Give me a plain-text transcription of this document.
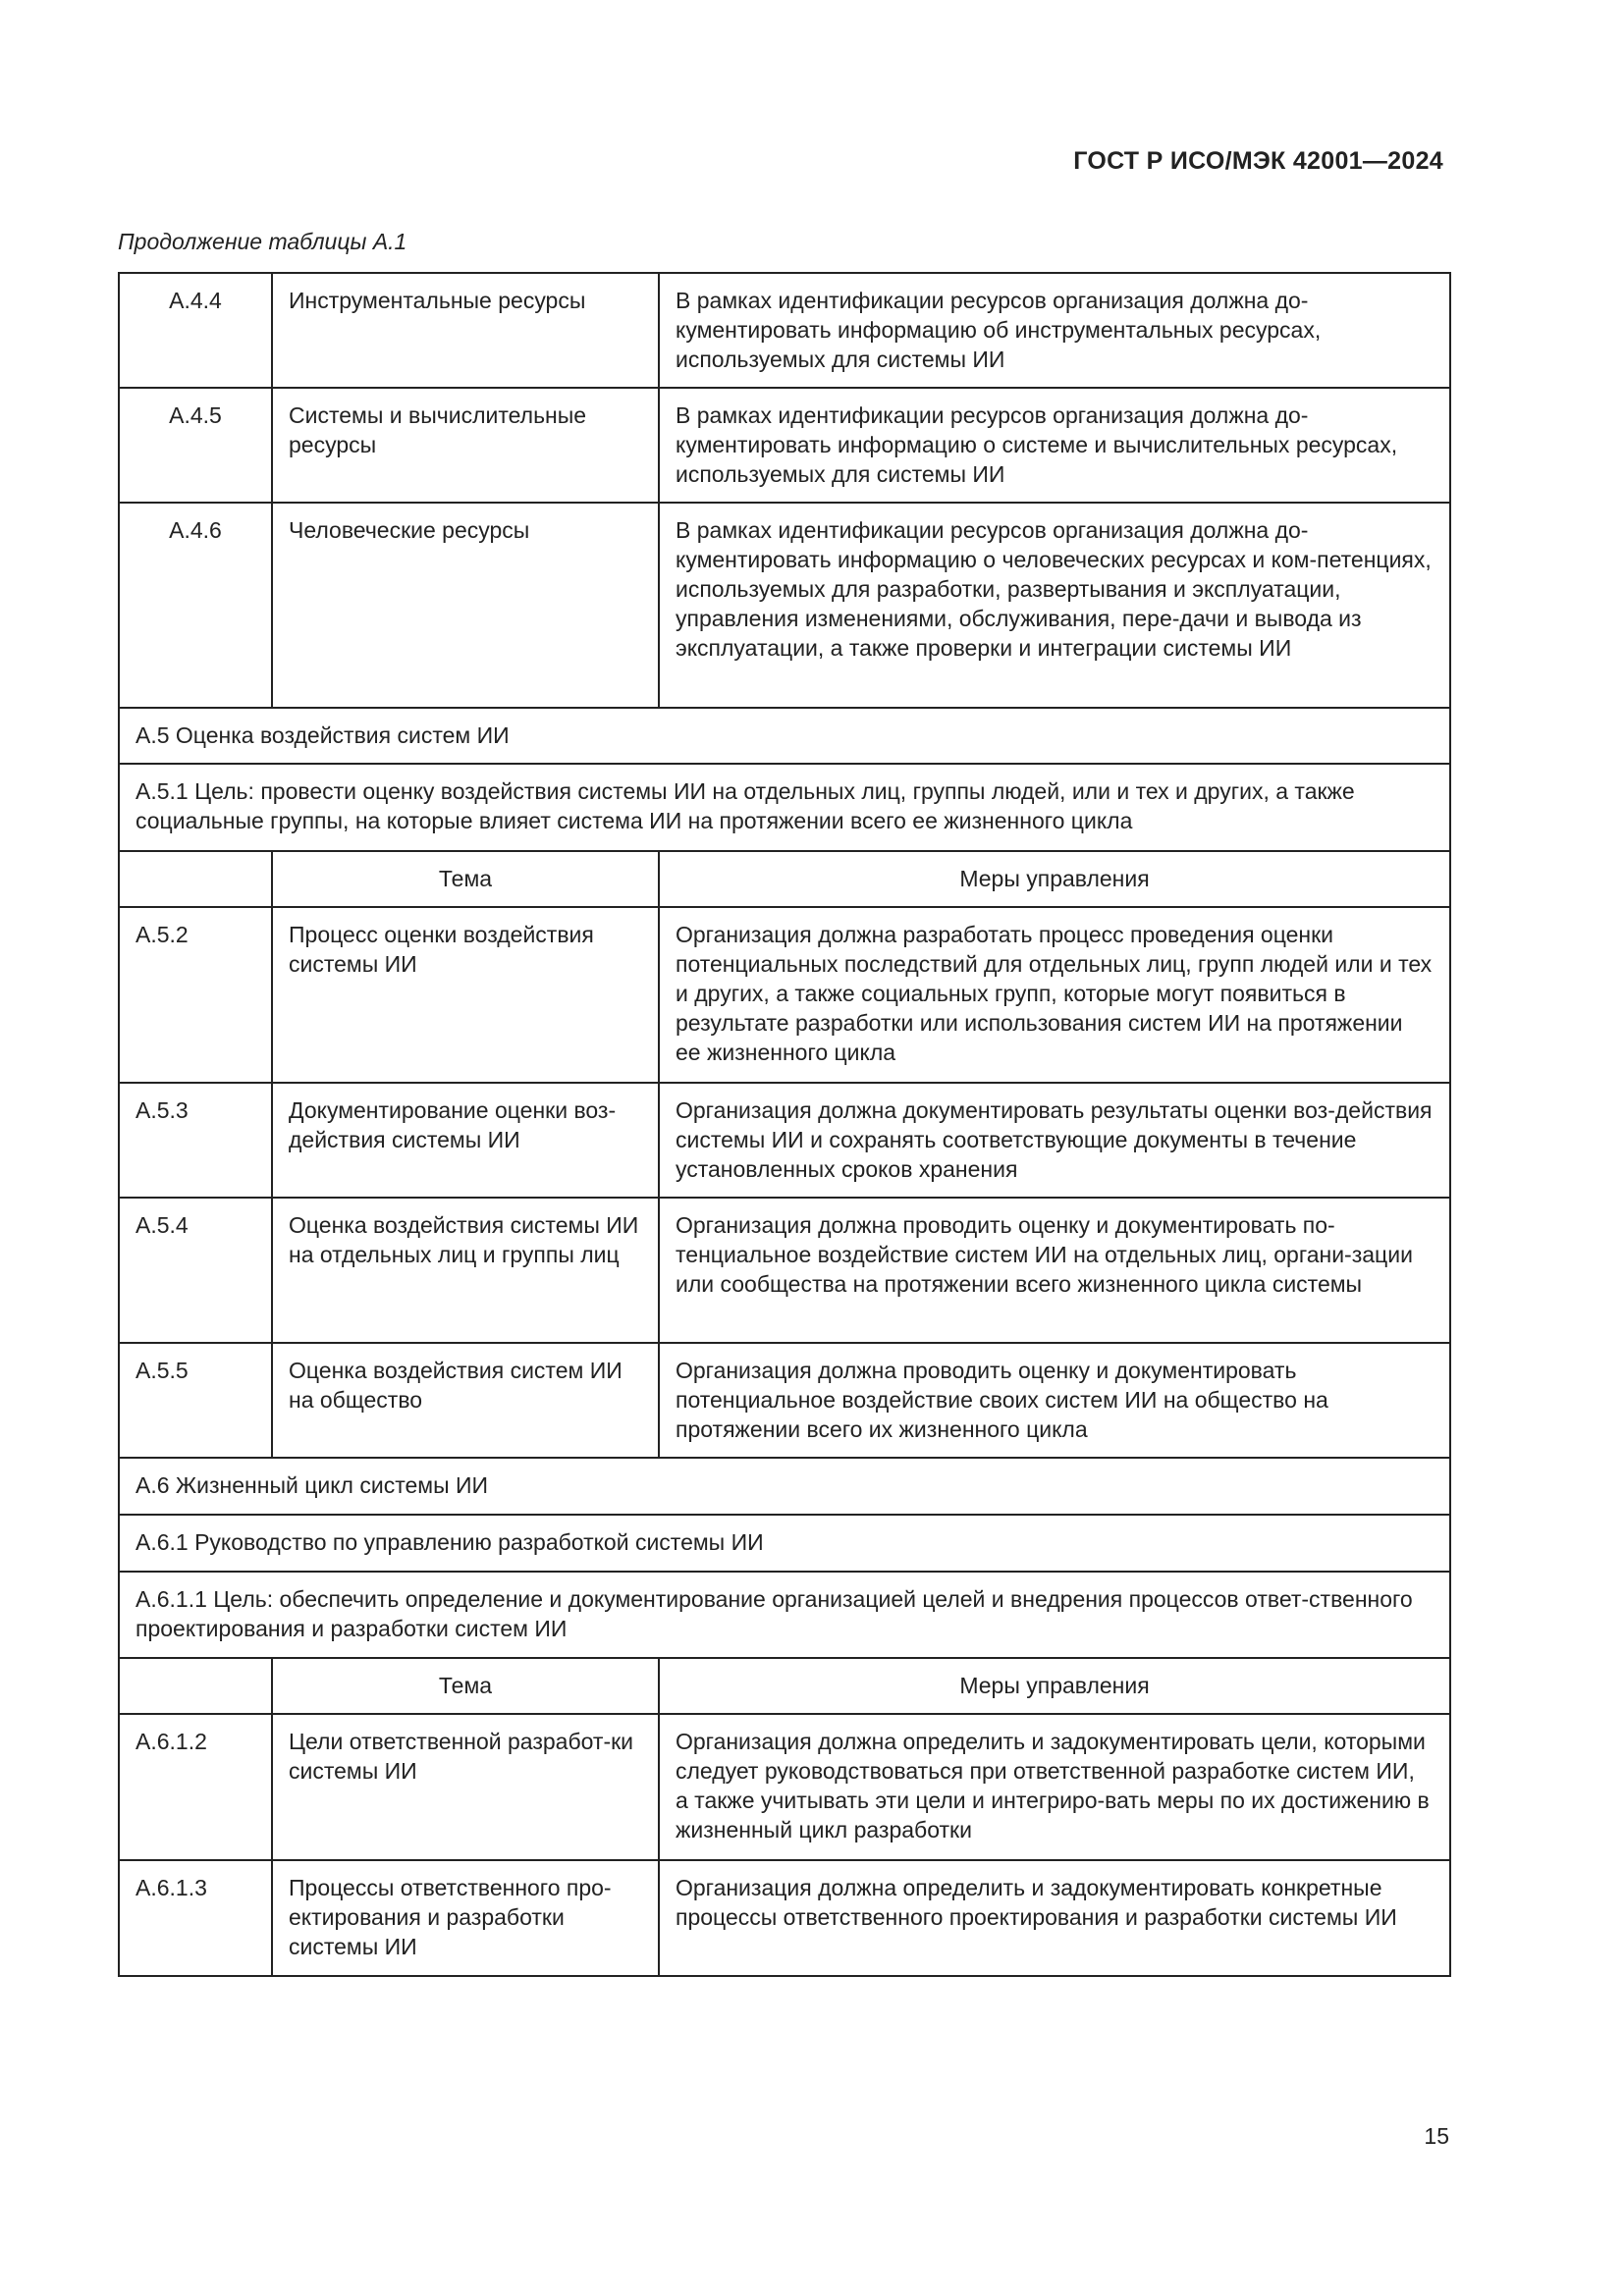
ГОСТ Р ИСО/МЭК 42001—2024
Продолжение таблицы А.1
А.4.4	Инструментальные ресурсы	В рамках идентификации ресурсов организация должна до-кументировать информацию об инструментальных ресурсах, используемых для системы ИИ
А.4.5	Системы и вычислительные ресурсы	В рамках идентификации ресурсов организация должна до-кументировать информацию о системе и вычислительных ресурсах, используемых для системы ИИ
А.4.6	Человеческие ресурсы	В рамках идентификации ресурсов организация должна до-кументировать информацию о человеческих ресурсах и ком-петенциях, используемых для разработки, развертывания и эксплуатации, управления изменениями, обслуживания, пере-дачи и вывода из эксплуатации, а также проверки и интеграции системы ИИ
А.5 Оценка воздействия систем ИИ		
А.5.1 Цель: провести оценку воздействия системы ИИ на отдельных лиц, группы людей, или и тех и других, а также социальные группы, на которые влияет система ИИ на протяжении всего ее жизненного цикла		
	Тема	Меры управления
А.5.2	Процесс оценки воздействия системы ИИ	Организация должна разработать процесс проведения оценки потенциальных последствий для отдельных лиц, групп людей или и тех и других, а также социальных групп, которые могут появиться в результате разработки или использования систем ИИ на протяжении ее жизненного цикла
А.5.3	Документирование оценки воз-действия системы ИИ	Организация должна документировать результаты оценки воз-действия системы ИИ и сохранять соответствующие документы в течение установленных сроков хранения
А.5.4	Оценка воздействия системы ИИ на отдельных лиц и группы лиц	Организация должна проводить оценку и документировать по-тенциальное воздействие систем ИИ на отдельных лиц, органи-зации или сообщества на протяжении всего жизненного цикла системы
А.5.5	Оценка воздействия систем ИИ на общество	Организация должна проводить оценку и документировать потенциальное воздействие своих систем ИИ на общество на протяжении всего их жизненного цикла
А.6 Жизненный цикл системы ИИ		
А.6.1 Руководство по управлению разработкой системы ИИ		
А.6.1.1 Цель: обеспечить определение и документирование организацией целей и внедрения процессов ответ-ственного проектирования и разработки систем ИИ		
	Тема	Меры управления
А.6.1.2	Цели ответственной разработ-ки системы ИИ	Организация должна определить и задокументировать цели, которыми следует руководствоваться при ответственной разработке систем ИИ, а также учитывать эти цели и интегриро-вать меры по их достижению в жизненный цикл разработки
А.6.1.3	Процессы ответственного про-ектирования и разработки системы ИИ	Организация должна определить и задокументировать конкретные процессы ответственного проектирования и разработки системы ИИ
15
